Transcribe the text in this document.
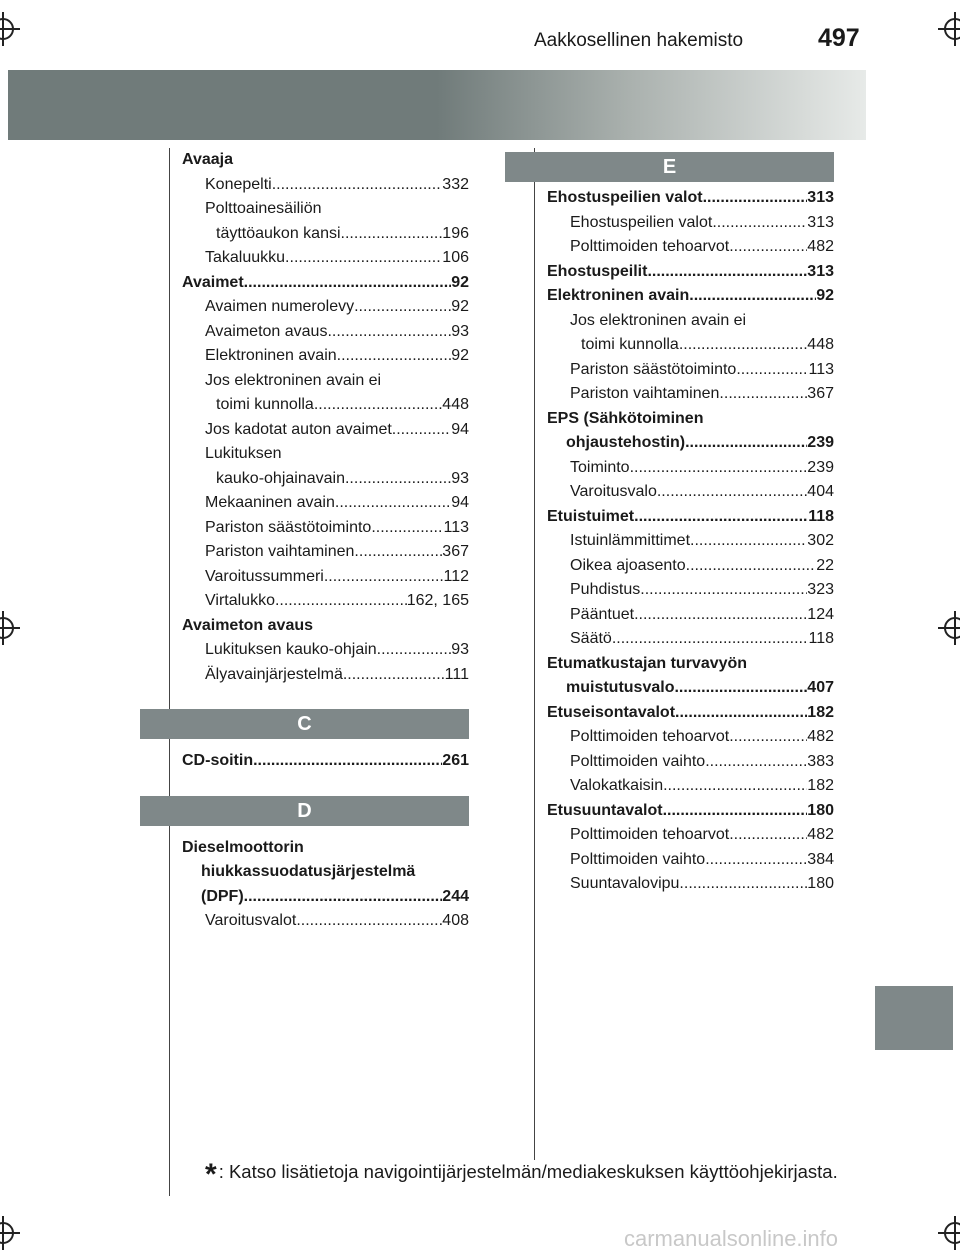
Aakkosellinen hakemisto	497
E
Avaaja
Konepelti .....	332
Polttoainesäiliön
täyttöaukon kansi .....	196
Takaluukku .....	106
Avaimet .....	92
Avaimen numerolevy .....	92
Avaimeton avaus .....	93
Elektroninen avain .....	92
Jos elektroninen avain ei
toimi kunnolla .....	448
Jos kadotat auton avaimet .....	94
Lukituksen
kauko-ohjainavain .....	93
Mekaaninen avain .....	94
Pariston säästötoiminto .....	113
Pariston vaihtaminen .....	367
Varoitussummeri .....	112
Virtalukko .....	162, 165
Avaimeton avaus
Lukituksen kauko-ohjain .....	93
Älyavainjärjestelmä .....	111
C
CD-soitin .....	261
D
Dieselmoottorin
hiukkassuodatusjärjestelmä
(DPF) .....	244
Varoitusvalot .....	408
Ehostuspeilien valot .....	313
Ehostuspeilien valot .....	313
Polttimoiden tehoarvot .....	482
Ehostuspeilit .....	313
Elektroninen avain .....	92
Jos elektroninen avain ei
toimi kunnolla .....	448
Pariston säästötoiminto .....	113
Pariston vaihtaminen .....	367
EPS (Sähkötoiminen
ohjaustehostin) .....	239
Toiminto .....	239
Varoitusvalo .....	404
Etuistuimet .....	118
Istuinlämmittimet .....	302
Oikea ajoasento .....	22
Puhdistus .....	323
Pääntuet .....	124
Säätö .....	118
Etumatkustajan turvavyön
muistutusvalo .....	407
Etuseisontavalot .....	182
Polttimoiden tehoarvot .....	482
Polttimoiden vaihto .....	383
Valokatkaisin .....	182
Etusuuntavalot .....	180
Polttimoiden tehoarvot .....	482
Polttimoiden vaihto .....	384
Suuntavalovipu .....	180
* : Katso lisätietoja navigointijärjestelmän/mediakeskuksen käyttöohjekirjasta.
carmanualsonline.info
